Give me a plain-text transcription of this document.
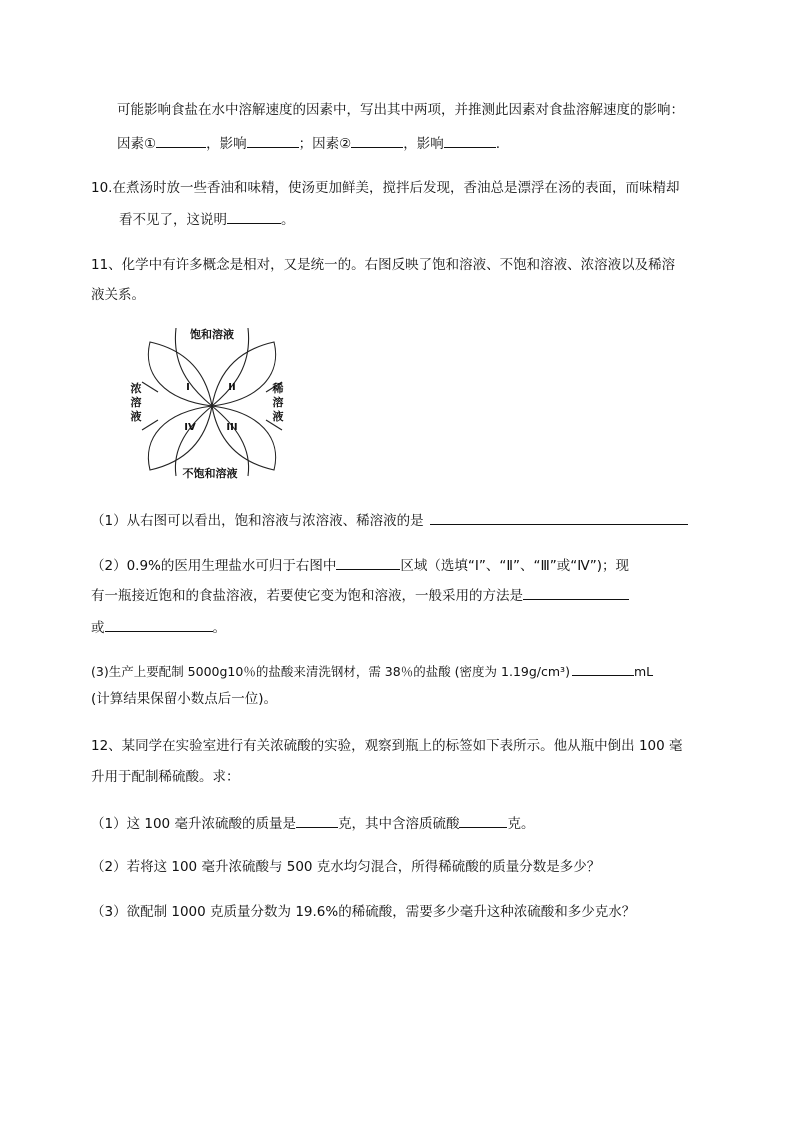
可能影响食盐在水中溶解速度的因素中，写出其中两项，并推测此因素对食盐溶解速度的影响：
因素①	，影响	；因素②	，影响	.
10.在煮汤时放一些香油和味精，使汤更加鲜美，搅拌后发现，香油总是漂浮在汤的表面，而味精却
看不见了，这说明	。
11、化学中有许多概念是相对，又是统一的。右图反映了饱和溶液、不饱和溶液、浓溶液以及稀溶
液关系。
饱和溶液
不饱和溶液
浓
溶
液
稀
溶
液
I	II
IV	III
（1）从右图可以看出，饱和溶液与浓溶液、稀溶液的是
（2）0.9%的医用生理盐水可归于右图中	区域（选填“Ⅰ”、“Ⅱ”、“Ⅲ”或“Ⅳ”)；现
有一瓶接近饱和的食盐溶液，若要使它变为饱和溶液，一般采用的方法是
或	。
(3)生产上要配制 5000g10％的盐酸来清洗钢材，需 38％的盐酸 (密度为 1.19g/cm³)	mL
(计算结果保留小数点后一位)。
12、某同学在实验室进行有关浓硫酸的实验，观察到瓶上的标签如下表所示。他从瓶中倒出 100 毫
升用于配制稀硫酸。求：
（1）这 100 毫升浓硫酸的质量是	克，其中含溶质硫酸	克。
（2）若将这 100 毫升浓硫酸与 500 克水均匀混合，所得稀硫酸的质量分数是多少？
（3）欲配制 1000 克质量分数为 19.6%的稀硫酸，需要多少毫升这种浓硫酸和多少克水？
